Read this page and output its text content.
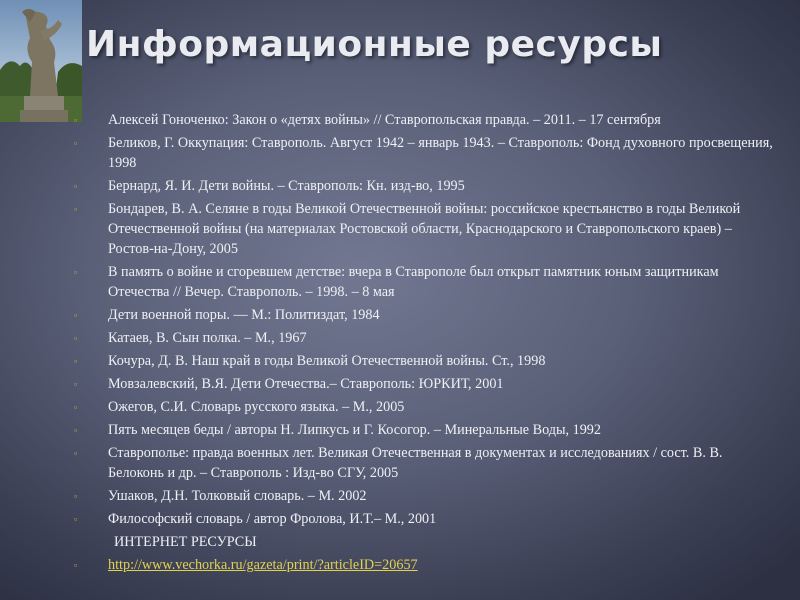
Информационные ресурсы
▫ Алексей Гоноченко: Закон о «детях войны» // Ставропольская правда. – 2011. – 17 сентября
▫ Беликов, Г. Оккупация: Ставрополь. Август 1942 – январь 1943. – Ставрополь: Фонд духовного просвещения, 1998
▫ Бернард, Я. И. Дети войны. – Ставрополь: Кн. изд-во, 1995
▫ Бондарев, В. А. Селяне в годы Великой Отечественной войны: российское крестьянство в годы Великой Отечественной войны (на материалах Ростовской области, Краснодарского и Ставропольского краев) – Ростов-на-Дону, 2005
▫ В память о войне и сгоревшем детстве: вчера в Ставрополе был открыт памятник юным защитникам Отечества // Вечер. Ставрополь. – 1998. – 8 мая
▫ Дети военной поры. — М.: Политиздат, 1984
▫ Катаев, В. Сын полка. – М., 1967
▫ Кочура, Д. В. Наш край в годы Великой Отечественной войны. Ст., 1998
▫ Мовзалевский, В.Я. Дети Отечества.– Ставрополь: ЮРКИТ, 2001
▫ Ожегов, С.И. Словарь русского языка. – М., 2005
▫ Пять месяцев беды / авторы Н. Липкусь и Г. Косогор. – Минеральные Воды, 1992
▫ Ставрополье: правда военных лет. Великая Отечественная в документах и исследованиях / сост. В. В. Белоконь и др. – Ставрополь : Изд-во СГУ, 2005
▫ Ушаков, Д.Н. Толковый словарь. – М. 2002
▫ Философский словарь / автор Фролова, И.Т.– М., 2001
ИНТЕРНЕТ РЕСУРСЫ
▫ http://www.vechorka.ru/gazeta/print/?articleID=20657
